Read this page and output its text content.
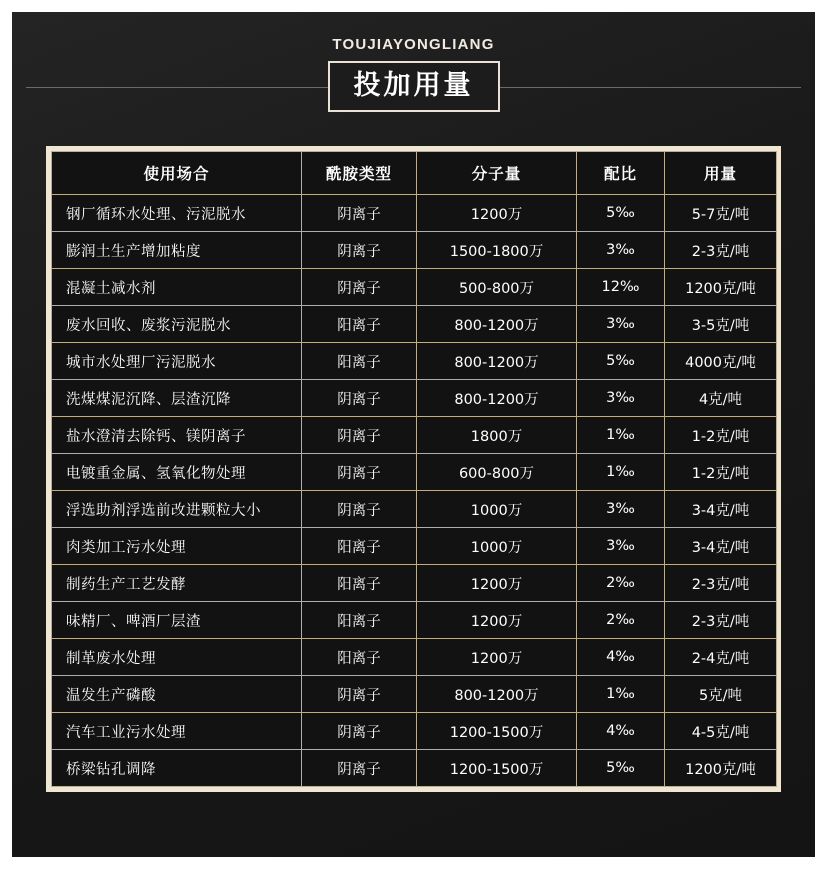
TOUJIAYONGLIANG
投加用量
使用场合	酰胺类型	分子量	配比	用量
钢厂循环水处理、污泥脱水	阴离子	1200万	5‰	5-7克/吨
膨润土生产增加粘度	阴离子	1500-1800万	3‰	2-3克/吨
混凝土减水剂	阴离子	500-800万	12‰	1200克/吨
废水回收、废浆污泥脱水	阳离子	800-1200万	3‰	3-5克/吨
城市水处理厂污泥脱水	阳离子	800-1200万	5‰	4000克/吨
洗煤煤泥沉降、层渣沉降	阴离子	800-1200万	3‰	4克/吨
盐水澄清去除钙、镁阴离子	阴离子	1800万	1‰	1-2克/吨
电镀重金属、氢氧化物处理	阴离子	600-800万	1‰	1-2克/吨
浮选助剂浮选前改进颗粒大小	阴离子	1000万	3‰	3-4克/吨
肉类加工污水处理	阳离子	1000万	3‰	3-4克/吨
制药生产工艺发酵	阳离子	1200万	2‰	2-3克/吨
味精厂、啤酒厂层渣	阳离子	1200万	2‰	2-3克/吨
制革废水处理	阳离子	1200万	4‰	2-4克/吨
温发生产磷酸	阴离子	800-1200万	1‰	5克/吨
汽车工业污水处理	阴离子	1200-1500万	4‰	4-5克/吨
桥梁钻孔调降	阴离子	1200-1500万	5‰	1200克/吨
